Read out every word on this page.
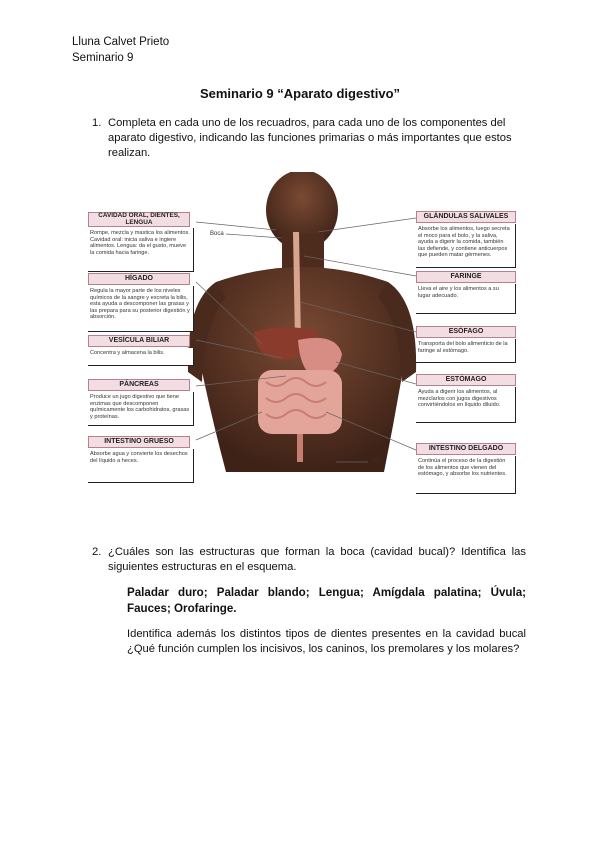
Lluna Calvet Prieto
Seminario 9
Seminario 9 “Aparato digestivo”
1. Completa en cada uno de los recuadros, para cada uno de los componentes del aparato digestivo, indicando las funciones primarias o más importantes que estos realizan.
Boca
Ano
CAVIDAD ORAL, DIENTES, LENGUA
Rompe, mezcla y mastica los alimentos. Cavidad oral: inicia saliva e ingiere alimentos. Lengua: da el gusto, mueve la comida hacia faringe.
HÍGADO
Regula la mayor parte de los niveles químicos de la sangre y excreta la bilis, esta ayuda a descomponer las grasas y las prepara para su posterior digestión y absorción.
VESÍCULA BILIAR
Concentra y almacena la bilis.
PÁNCREAS
Produce un jugo digestivo que tiene enzimas que descomponen químicamente los carbohidratos, grasas y proteínas.
INTESTINO GRUESO
Absorbe agua y convierte los desechos del líquido a heces.
GLÁNDULAS SALIVALES
Absorbe los alimentos, luego secreta el moco para el bolo, y la saliva, ayuda a digerir la comida, también las defiende, y contiene anticuerpos que pueden matar gérmenes.
FARINGE
Lleva el aire y los alimentos a su lugar adecuado.
ESÓFAGO
Transporta del bolo alimenticio de la faringe al estómago.
ESTÓMAGO
Ayuda a digerir los alimentos, al mezclarlos con jugos digestivos convirtiéndolos en líquido diluido.
INTESTINO DELGADO
Continúa el proceso de la digestión de los alimentos que vienen del estómago, y absorbe los nutrientes.
2. ¿Cuáles son las estructuras que forman la boca (cavidad bucal)? Identifica las siguientes estructuras en el esquema.
Paladar duro; Paladar blando; Lengua; Amígdala palatina; Úvula; Fauces; Orofaringe.
Identifica además los distintos tipos de dientes presentes en la cavidad bucal ¿Qué función cumplen los incisivos, los caninos, los premolares y los molares?
